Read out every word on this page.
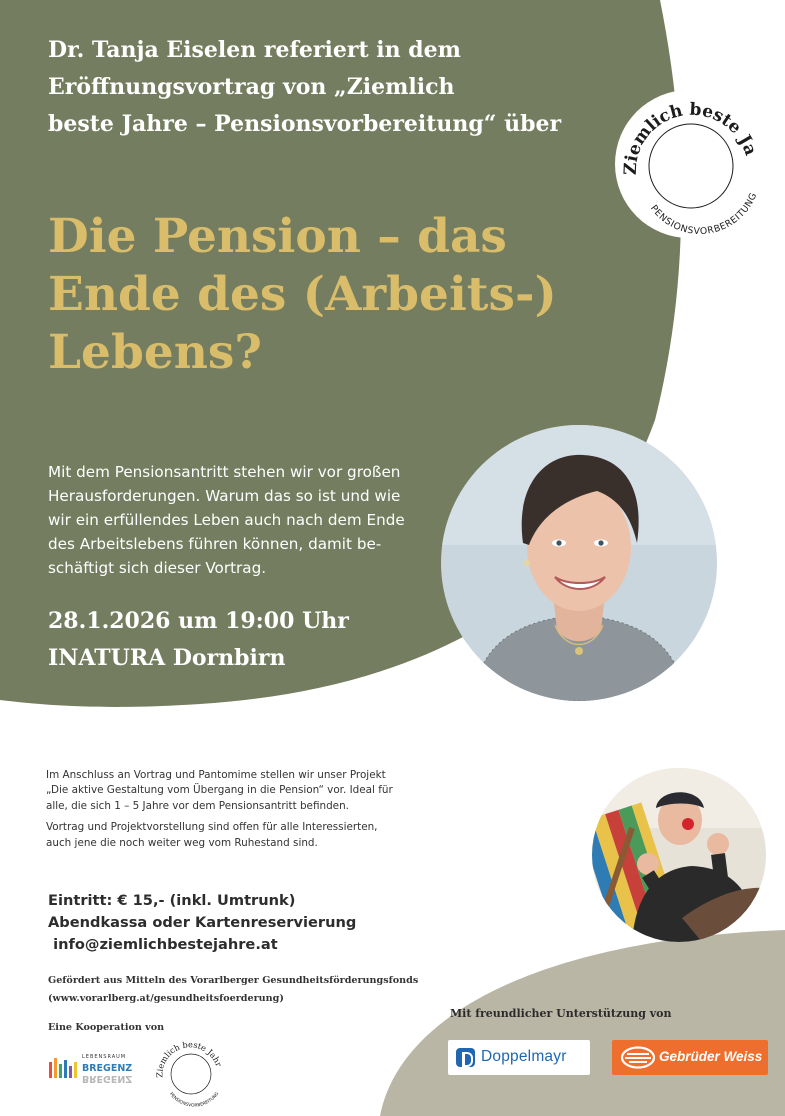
Dr. Tanja Eiselen referiert in dem
Eröffnungsvortrag von „Ziemlich
beste Jahre – Pensionsvorbereitung“ über
Die Pension – das
Ende des (Arbeits-)
Lebens?
Ziemlich beste Ja
PENSIONSVORBEREITUNG
Mit dem Pensionsantritt stehen wir vor großen
Herausforderungen. Warum das so ist und wie
wir ein erfüllendes Leben auch nach dem Ende
des Arbeitslebens führen können, damit be-
schäftigt sich dieser Vortrag.
28.1.2026 um 19:00 Uhr
INATURA Dornbirn

Im Anschluss an Vortrag und Pantomime stellen wir unser Projekt
„Die aktive Gestaltung vom Übergang in die Pension“ vor. Ideal für
alle, die sich 1 – 5 Jahre vor dem Pensionsantritt befinden.

Vortrag und Projektvorstellung sind offen für alle Interessierten,
auch jene die noch weiter weg vom Ruhestand sind.

Eintritt: € 15,- (inkl. Umtrunk)
Abendkassa oder Kartenreservierung
info@ziemlichbestejahre.at
Gefördert aus Mitteln des Vorarlberger Gesundheitsförderungsfonds
(www.vorarlberg.at/gesundheitsfoerderung)
Eine Kooperation von
LEBENSRAUM
BREGENZ
BREGENZ	Ziemlich beste Jahr
PENSIONSVORBEREITUNG
Mit freundlicher Unterstützung von
Doppelmayr	Gebrüder Weiss
